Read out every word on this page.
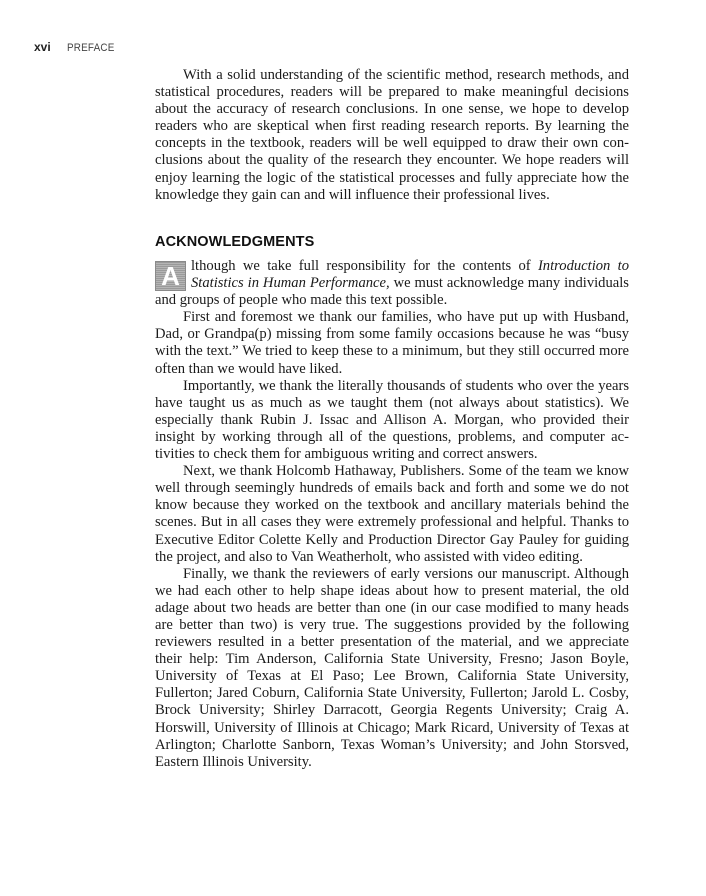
xvi PREFACE

With a solid understanding of the scientific method, research methods, and statistical procedures, readers will be prepared to make meaningful decisions about the accuracy of research conclusions. In one sense, we hope to develop readers who are skeptical when first reading research reports. By learning the concepts in the textbook, readers will be well equipped to draw their own conclusions about the quality of the research they encounter. We hope readers will enjoy learning the logic of the statistical processes and fully appreciate how the knowledge they gain can and will influence their professional lives.

ACKNOWLEDGMENTS

A lthough we take full responsibility for the contents of Introduction to Statistics in Human Performance, we must acknowledge many individuals and groups of people who made this text possible.

First and foremost we thank our families, who have put up with Husband, Dad, or Grandpa(p) missing from some family occasions because he was “busy with the text.” We tried to keep these to a minimum, but they still occurred more often than we would have liked.

Importantly, we thank the literally thousands of students who over the years have taught us as much as we taught them (not always about statistics). We especially thank Rubin J. Issac and Allison A. Morgan, who provided their insight by working through all of the questions, problems, and computer activities to check them for ambiguous writing and correct answers.

Next, we thank Holcomb Hathaway, Publishers. Some of the team we know well through seemingly hundreds of emails back and forth and some we do not know because they worked on the textbook and ancillary materials behind the scenes. But in all cases they were extremely professional and helpful. Thanks to Executive Editor Colette Kelly and Production Director Gay Pauley for guiding the project, and also to Van Weatherholt, who assisted with video editing.

Finally, we thank the reviewers of early versions our manuscript. Although we had each other to help shape ideas about how to present material, the old adage about two heads are better than one (in our case modified to many heads are better than two) is very true. The suggestions provided by the following reviewers resulted in a better presentation of the material, and we appreciate their help: Tim Anderson, California State University, Fresno; Jason Boyle, University of Texas at El Paso; Lee Brown, California State University, Fullerton; Jared Coburn, California State University, Fullerton; Jarold L. Cosby, Brock University; Shirley Darracott, Georgia Regents University; Craig A. Horswill, University of Illinois at Chicago; Mark Ricard, University of Texas at Arlington; Charlotte Sanborn, Texas Woman’s University; and John Storsved, Eastern Illinois University.
